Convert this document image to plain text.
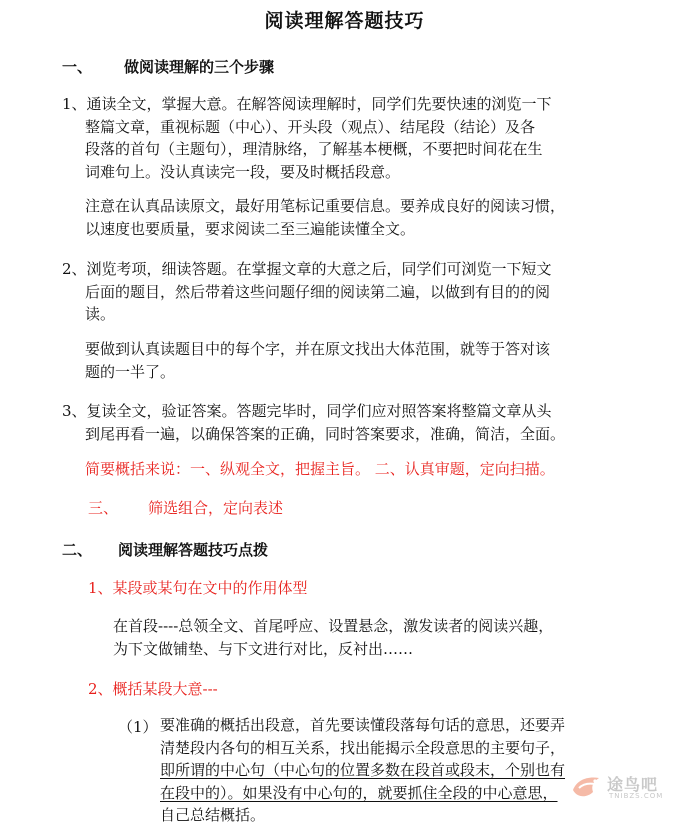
阅读理解答题技巧
一、 做阅读理解的三个步骤
1、通读全文，掌握大意。在解答阅读理解时，同学们先要快速的浏览一下
整篇文章，重视标题（中心）、开头段（观点）、结尾段（结论）及各
段落的首句（主题句），理清脉络，了解基本梗概，不要把时间花在生
词难句上。没认真读完一段，要及时概括段意。
注意在认真品读原文，最好用笔标记重要信息。要养成良好的阅读习惯，
以速度也要质量，要求阅读二至三遍能读懂全文。
2、浏览考项，细读答题。在掌握文章的大意之后，同学们可浏览一下短文
后面的题目，然后带着这些问题仔细的阅读第二遍，以做到有目的的阅
读。
要做到认真读题目中的每个字，并在原文找出大体范围，就等于答对该
题的一半了。
3、复读全文，验证答案。答题完毕时，同学们应对照答案将整篇文章从头
到尾再看一遍，以确保答案的正确，同时答案要求，准确，简洁，全面。
简要概括来说：一、纵观全文，把握主旨。 二、认真审题，定向扫描。
三、 筛选组合，定向表述
二、 阅读理解答题技巧点拨
1、某段或某句在文中的作用体型
在首段----总领全文、首尾呼应、设置悬念，激发读者的阅读兴趣，
为下文做铺垫、与下文进行对比，反衬出……
2、概括某段大意---
（1） 要准确的概括出段意，首先要读懂段落每句话的意思，还要弄
清楚段内各句的相互关系，找出能揭示全段意思的主要句子，
即所谓的中心句（中心句的位置多数在段首或段末，个别也有
在段中的）。如果没有中心句的，就要抓住全段的中心意思，
自己总结概括。
途鸟吧
TNIBZS.COM
